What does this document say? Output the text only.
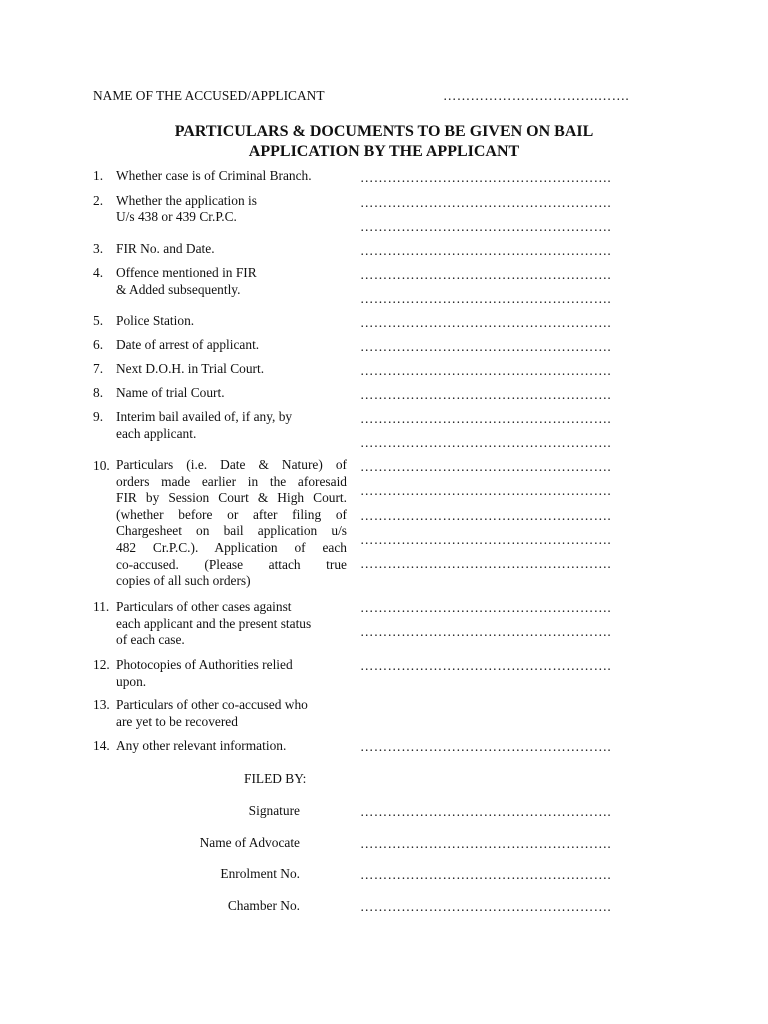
NAME OF THE ACCUSED/APPLICANT	…………………………….…….
PARTICULARS & DOCUMENTS TO BE GIVEN ON BAIL
APPLICATION BY THE APPLICANT
1. Whether case is of Criminal Branch.	……………………………………………….
2. Whether the application is
U/s 438 or 439 Cr.P.C.
……………………………………………….
……………………………………………….
3. FIR No. and Date.	……………………………………………….
4. Offence mentioned in FIR
& Added subsequently.
……………………………………………….
……………………………………………….
5. Police Station.	……………………………………………….
6. Date of arrest of applicant.	……………………………………………….
7. Next D.O.H. in Trial Court.	……………………………………………….
8. Name of trial Court.	……………………………………………….
9. Interim bail availed of, if any, by
each applicant.
……………………………………………….
……………………………………………….
10. Particulars (i.e. Date & Nature) of
orders made earlier in the aforesaid
FIR by Session Court & High Court.
(whether before or after filing of
Chargesheet on bail application u/s
482 Cr.P.C.). Application of each
co-accused. (Please attach true
copies of all such orders)
……………………………………………….
……………………………………………….
……………………………………………….
……………………………………………….
……………………………………………….
11. Particulars of other cases against
each applicant and the present status
of each case.
……………………………………………….
……………………………………………….
12. Photocopies of Authorities relied
upon.
……………………………………………….
13. Particulars of other co-accused who
are yet to be recovered
14. Any other relevant information.	……………………………………………….
FILED BY:
Signature	……………………………………………….
Name of Advocate	……………………………………………….
Enrolment No.	……………………………………………….
Chamber No.	……………………………………………….
